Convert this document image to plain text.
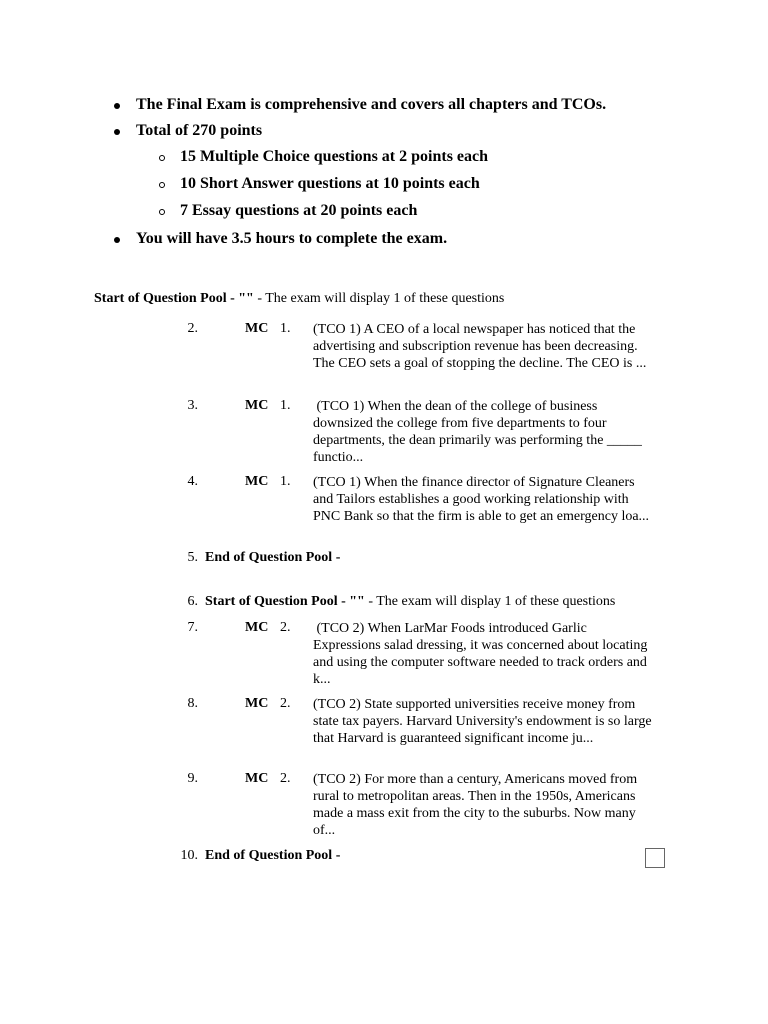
The Final Exam is comprehensive and covers all chapters and TCOs.
Total of 270 points
15 Multiple Choice questions at 2 points each
10 Short Answer questions at 10 points each
7 Essay questions at 20 points each
You will have 3.5 hours to complete the exam.
Start of Question Pool - "" - The exam will display 1 of these questions
2.	MC 1. (TCO 1) A CEO of a local newspaper has noticed that the advertising and subscription revenue has been decreasing. The CEO sets a goal of stopping the decline. The CEO is ...
3.	MC 1. (TCO 1) When the dean of the college of business downsized the college from five departments to four departments, the dean primarily was performing the _____ functio...
4.	MC 1. (TCO 1) When the finance director of Signature Cleaners and Tailors establishes a good working relationship with PNC Bank so that the firm is able to get an emergency loa...
5. End of Question Pool -
6. Start of Question Pool - "" - The exam will display 1 of these questions
7.	MC 2. (TCO 2) When LarMar Foods introduced Garlic Expressions salad dressing, it was concerned about locating and using the computer software needed to track orders and k...
8.	MC 2. (TCO 2) State supported universities receive money from state tax payers. Harvard University's endowment is so large that Harvard is guaranteed significant income ju...
9.	MC 2. (TCO 2) For more than a century, Americans moved from rural to metropolitan areas. Then in the 1950s, Americans made a mass exit from the city to the suburbs. Now many of...
10. End of Question Pool -
